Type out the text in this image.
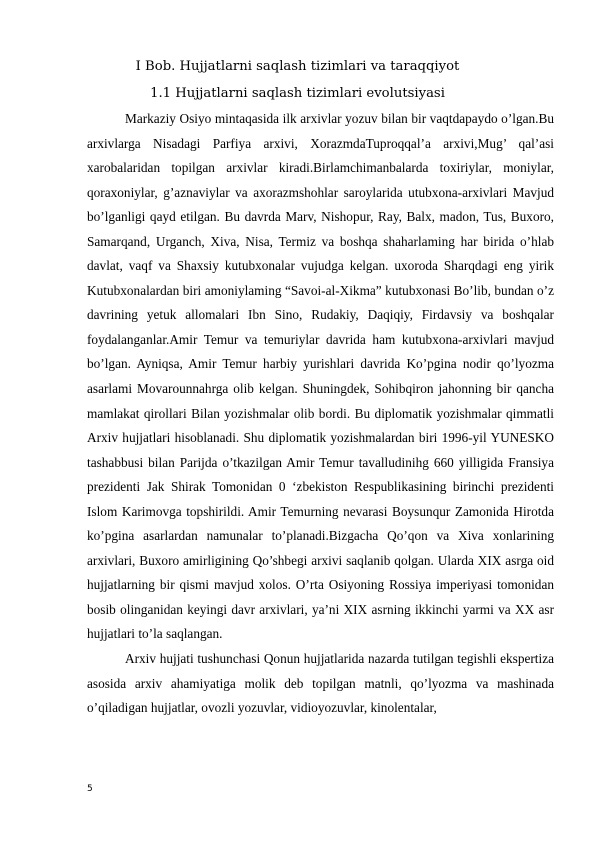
I Bob. Hujjatlarni saqlash tizimlari va taraqqiyot
1.1 Hujjatlarni saqlash tizimlari evolutsiyasi

Markaziy Osiyo mintaqasida ilk arxivlar yozuv bilan bir vaqtdapaydo o’lgan.Bu arxivlarga Nisadagi Parfiya arxivi, XorazmdaTuproqqal’a arxivi,Mug’ qal’asi xarobalaridan topilgan arxivlar kiradi.Birlamchimanbalarda toxiriylar, moniylar, qoraxoniylar, g’aznaviylar va axorazmshohlar saroylarida utubxona-arxivlari Mavjud bo’lganligi qayd etilgan. Bu davrda Marv, Nishopur, Ray, Balx, madon, Tus, Buxoro, Samarqand, Urganch, Xiva, Nisa, Termiz va boshqa shaharlaming har birida o’hlab davlat, vaqf va Shaxsiy kutubxonalar vujudga kelgan. uxoroda Sharqdagi eng yirik Kutubxonalardan biri amoniylaming “Savoi-al-Xikma” kutubxonasi Bo’lib, bundan o’z davrining yetuk allomalari Ibn Sino, Rudakiy, Daqiqiy, Firdavsiy va boshqalar foydalanganlar.Amir Temur va temuriylar davrida ham kutubxona-arxivlari mavjud bo’lgan. Ayniqsa, Amir Temur harbiy yurishlari davrida Ko’pgina nodir qo’lyozma asarlami Movarounnahrga olib kelgan. Shuningdek, Sohibqiron jahonning bir qancha mamlakat qirollari Bilan yozishmalar olib bordi. Bu diplomatik yozishmalar qimmatli Arxiv hujjatlari hisoblanadi. Shu diplomatik yozishmalardan biri 1996-yil YUNESKO tashabbusi bilan Parijda o’tkazilgan Amir Temur tavalludinihg 660 yilligida Fransiya prezidenti Jak Shirak Tomonidan 0 ‘zbekiston Respublikasining birinchi prezidenti Islom Karimovga topshirildi. Amir Temurning nevarasi Boysunqur Zamonida Hirotda ko’pgina asarlardan namunalar to’planadi.Bizgacha Qo’qon va Xiva xonlarining arxivlari, Buxoro amirligining Qo’shbegi arxivi saqlanib qolgan. Ularda XIX asrga oid hujjatlarning bir qismi mavjud xolos. O’rta Osiyoning Rossiya imperiyasi tomonidan bosib olinganidan keyingi davr arxivlari, ya’ni XIX asrning ikkinchi yarmi va XX asr hujjatlari to’la saqlangan.

Arxiv hujjati tushunchasi Qonun hujjatlarida nazarda tutilgan tegishli ekspertiza asosida arxiv ahamiyatiga molik deb topilgan matnli, qo’lyozma va mashinada o’qiladigan hujjatlar, ovozli yozuvlar, vidioyozuvlar, kinolentalar,

5
